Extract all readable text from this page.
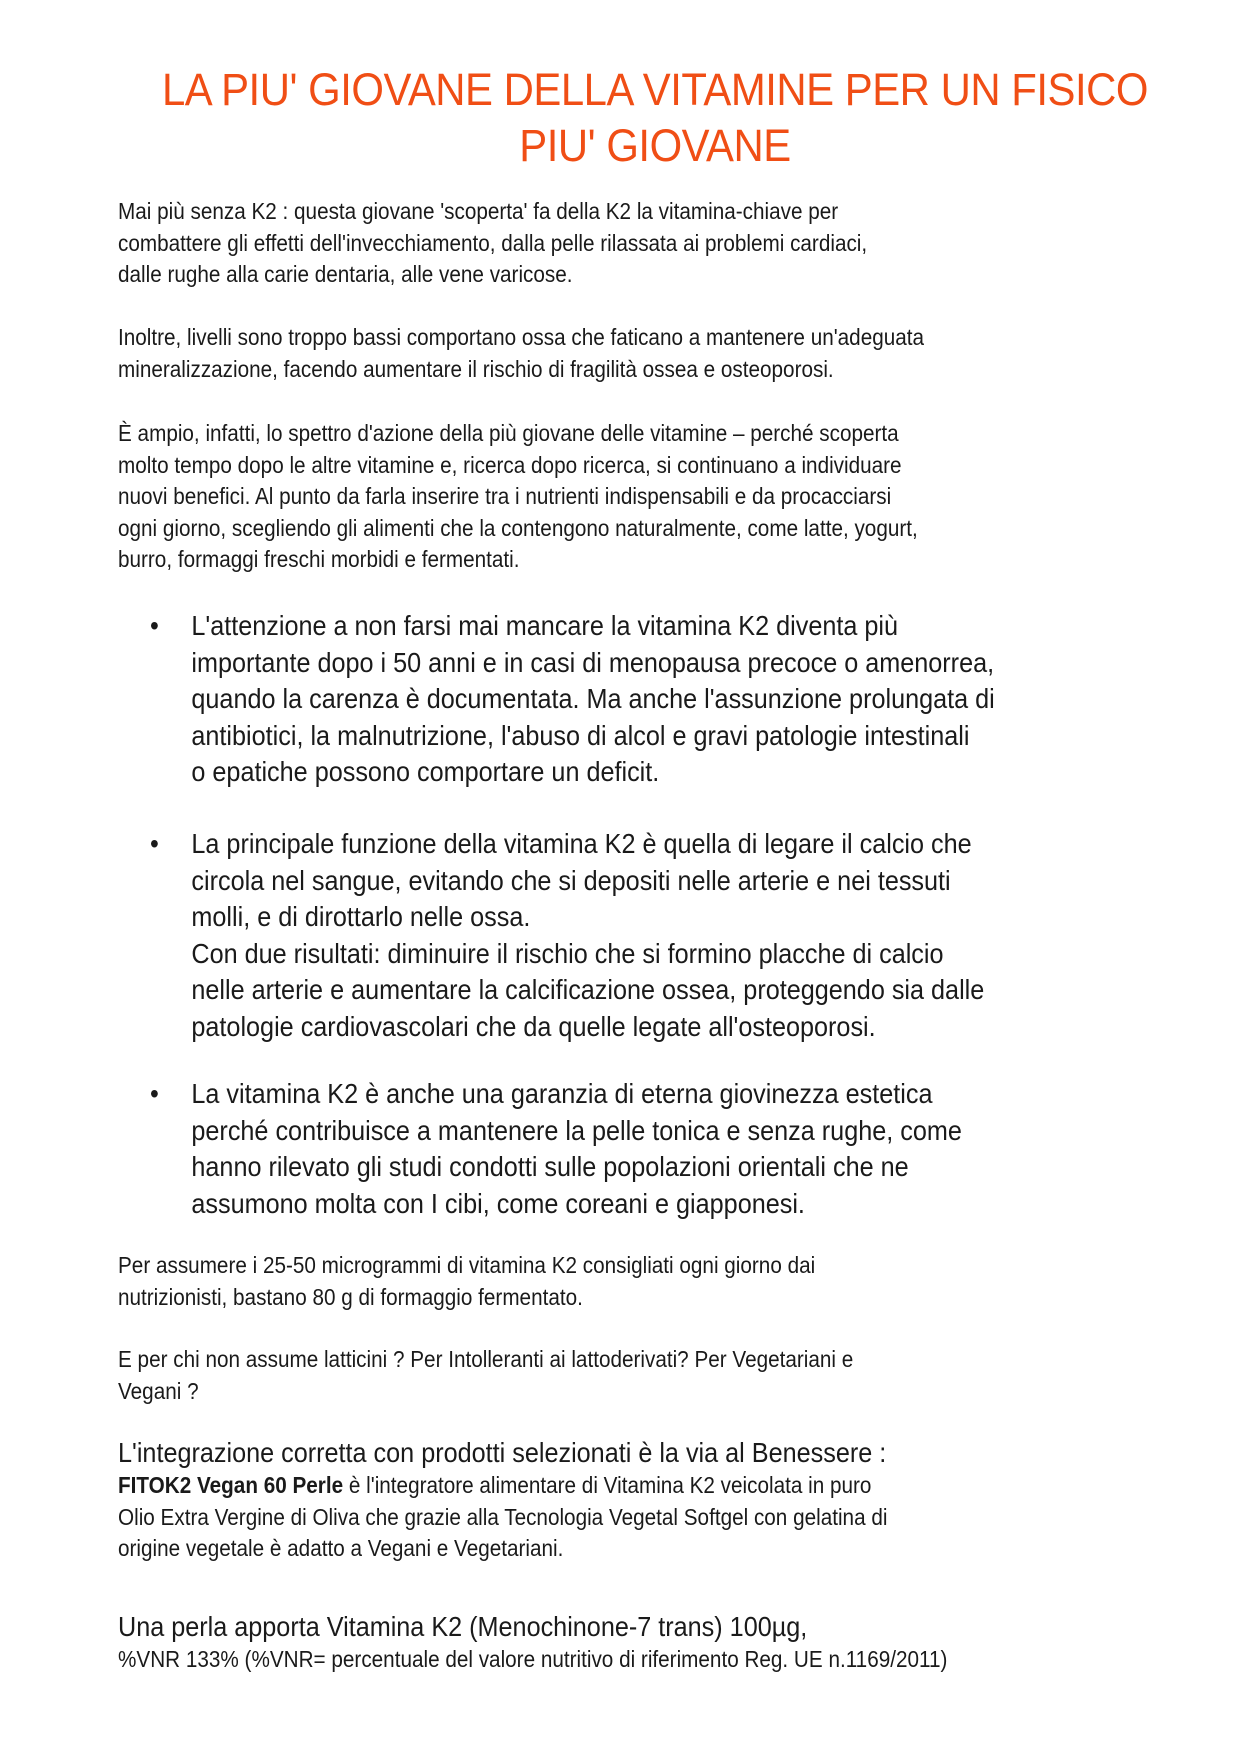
LA PIU' GIOVANE DELLA VITAMINE PER UN FISICO
PIU' GIOVANE

Mai più senza K2 : questa giovane 'scoperta' fa della K2 la vitamina-chiave per
combattere gli effetti dell'invecchiamento, dalla pelle rilassata ai problemi cardiaci,
dalle rughe alla carie dentaria, alle vene varicose.

Inoltre, livelli sono troppo bassi comportano ossa che faticano a mantenere un'adeguata
mineralizzazione, facendo aumentare il rischio di fragilità ossea e osteoporosi.

È ampio, infatti, lo spettro d'azione della più giovane delle vitamine – perché scoperta
molto tempo dopo le altre vitamine e, ricerca dopo ricerca, si continuano a individuare
nuovi benefici. Al punto da farla inserire tra i nutrienti indispensabili e da procacciarsi
ogni giorno, scegliendo gli alimenti che la contengono naturalmente, come latte, yogurt,
burro, formaggi freschi morbidi e fermentati.

• L'attenzione a non farsi mai mancare la vitamina K2 diventa più
importante dopo i 50 anni e in casi di menopausa precoce o amenorrea,
quando la carenza è documentata. Ma anche l'assunzione prolungata di
antibiotici, la malnutrizione, l'abuso di alcol e gravi patologie intestinali
o epatiche possono comportare un deficit.
• La principale funzione della vitamina K2 è quella di legare il calcio che
circola nel sangue, evitando che si depositi nelle arterie e nei tessuti
molli, e di dirottarlo nelle ossa.
Con due risultati: diminuire il rischio che si formino placche di calcio
nelle arterie e aumentare la calcificazione ossea, proteggendo sia dalle
patologie cardiovascolari che da quelle legate all'osteoporosi.
• La vitamina K2 è anche una garanzia di eterna giovinezza estetica
perché contribuisce a mantenere la pelle tonica e senza rughe, come
hanno rilevato gli studi condotti sulle popolazioni orientali che ne
assumono molta con I cibi, come coreani e giapponesi.

Per assumere i 25-50 microgrammi di vitamina K2 consigliati ogni giorno dai
nutrizionisti, bastano 80 g di formaggio fermentato.

E per chi non assume latticini ? Per Intolleranti ai lattoderivati? Per Vegetariani e
Vegani ?

L'integrazione corretta con prodotti selezionati è la via al Benessere :
FITOK2 Vegan 60 Perle è l'integratore alimentare di Vitamina K2 veicolata in puro
Olio Extra Vergine di Oliva che grazie alla Tecnologia Vegetal Softgel con gelatina di
origine vegetale è adatto a Vegani e Vegetariani.

Una perla apporta Vitamina K2 (Menochinone-7 trans) 100µg,
%VNR 133% (%VNR= percentuale del valore nutritivo di riferimento Reg. UE n.1169/2011)
